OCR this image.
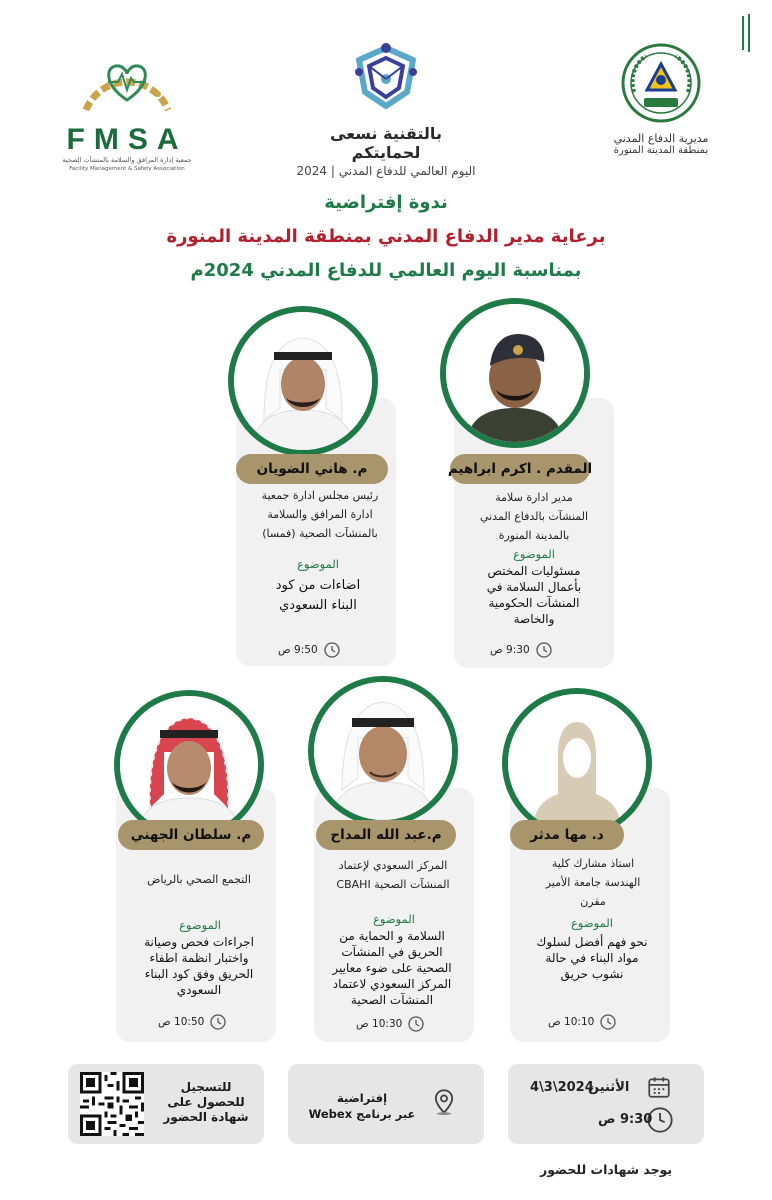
FMSA
جمعية إدارة المرافق والسلامة بالمنشآت الصحية
Facility Management & Safety Association
بالتقنية نسعى لحمايتكم
اليوم العالمي للدفاع المدني | 2024
مديرية الدفاع المدني
بمنطقة المدينة المنورة
ندوة إفتراضية
برعاية مدير الدفاع المدني بمنطقة المدينة المنورة
بمناسبة اليوم العالمي للدفاع المدني 2024م
المقدم . اكرم ابراهيم
مدير ادارة سلامة
المنشآت بالدفاع المدني
بالمدينة المنورة
الموضوع
مسئوليات المختص
بأعمال السلامة في
المنشآت الحكومية
والخاصة
9:30 ص
م. هاني الضويان
رئيس مجلس ادارة جمعية
ادارة المرافق والسلامة
بالمنشآت الصحية (فمسا)
الموضوع
اضاءات من كود
البناء السعودي
9:50 ص
د. مها مدثر
استاذ مشارك كلية
الهندسة جامعة الأمير
مقرن
الموضوع
نحو فهم أفضل لسلوك
مواد البناء في حالة
نشوب حريق
10:10 ص
م.عبد الله المداح
المركز السعودي لإعتماد
المنشآت الصحية CBAHI
الموضوع
السلامة و الحماية من
الحريق في المنشآت
الصحية على ضوء معايير
المركز السعودي لاعتماد
المنشآت الصحية
10:30 ص
م. سلطان الجهني
التجمع الصحي بالرياض
الموضوع
اجراءات فحص وصيانة
واختبار انظمة اطفاء
الحريق وفق كود البناء
السعودي
10:50 ص
الأثنين
4\3\2024
9:30 ص
إفتراضية
عبر برنامج Webex
للتسجيل
للحصول على
شهادة الحضور
يوجد شهادات للحضور
